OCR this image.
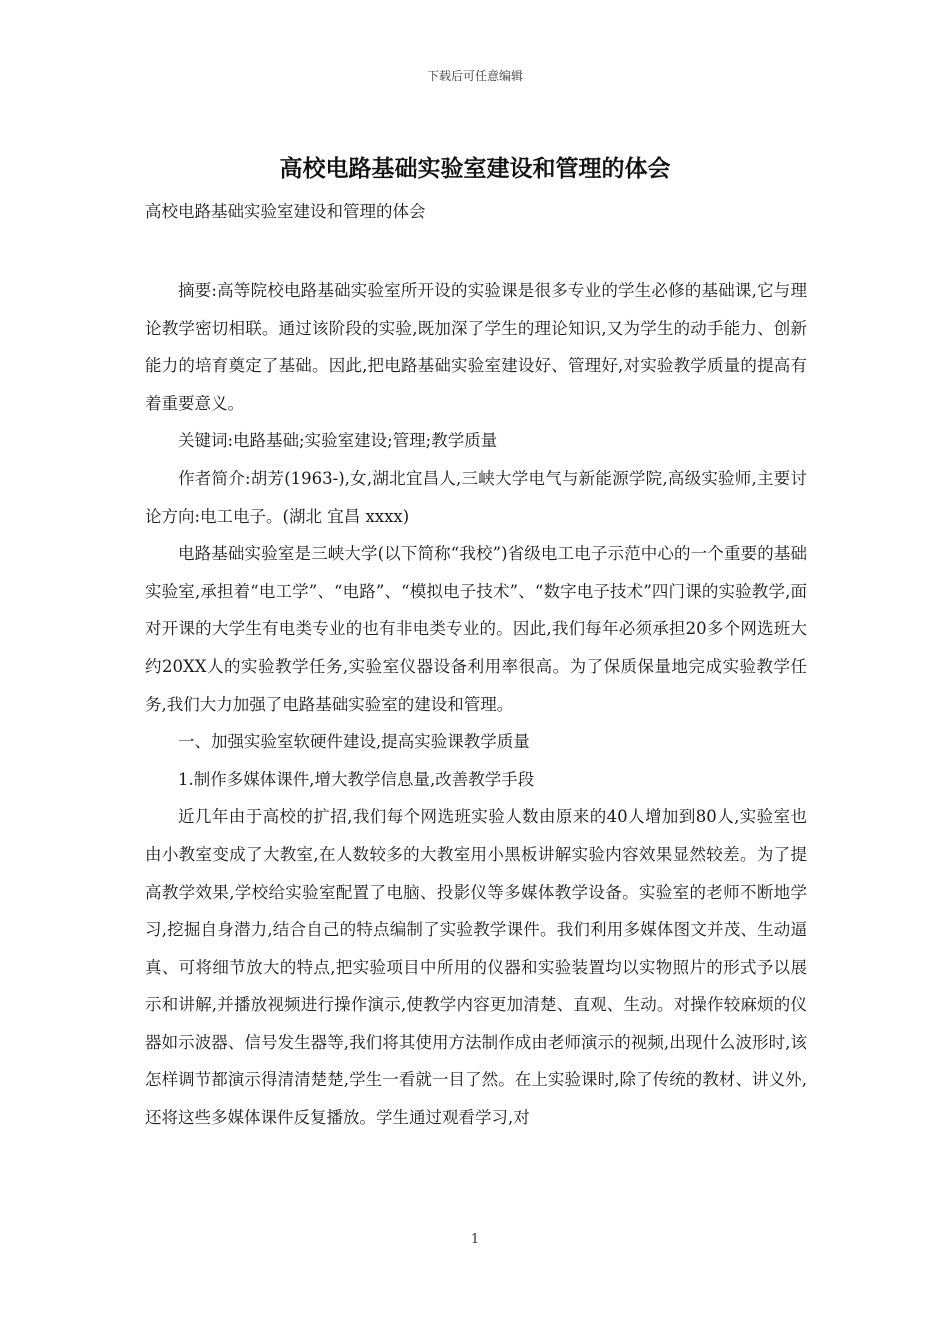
下载后可任意编辑
高校电路基础实验室建设和管理的体会

高校电路基础实验室建设和管理的体会

摘要:高等院校电路基础实验室所开设的实验课是很多专业的学生必修的基础课,它与理论教学密切相联。通过该阶段的实验,既加深了学生的理论知识,又为学生的动手能力、创新能力的培育奠定了基础。因此,把电路基础实验室建设好、管理好,对实验教学质量的提高有着重要意义。

关键词:电路基础;实验室建设;管理;教学质量

作者简介:胡芳(1963-),女,湖北宜昌人,三峡大学电气与新能源学院,高级实验师,主要讨论方向:电工电子。(湖北 宜昌 xxxx)

电路基础实验室是三峡大学(以下简称“我校”)省级电工电子示范中心的一个重要的基础实验室,承担着“电工学”、“电路”、“模拟电子技术”、“数字电子技术”四门课的实验教学,面对开课的大学生有电类专业的也有非电类专业的。因此,我们每年必须承担20多个网选班大约20XX人的实验教学任务,实验室仪器设备利用率很高。为了保质保量地完成实验教学任务,我们大力加强了电路基础实验室的建设和管理。

一、加强实验室软硬件建设,提高实验课教学质量

1.制作多媒体课件,增大教学信息量,改善教学手段

近几年由于高校的扩招,我们每个网选班实验人数由原来的40人增加到80人,实验室也由小教室变成了大教室,在人数较多的大教室用小黑板讲解实验内容效果显然较差。为了提高教学效果,学校给实验室配置了电脑、投影仪等多媒体教学设备。实验室的老师不断地学习,挖掘自身潜力,结合自己的特点编制了实验教学课件。我们利用多媒体图文并茂、生动逼真、可将细节放大的特点,把实验项目中所用的仪器和实验装置均以实物照片的形式予以展示和讲解,并播放视频进行操作演示,使教学内容更加清楚、直观、生动。对操作较麻烦的仪器如示波器、信号发生器等,我们将其使用方法制作成由老师演示的视频,出现什么波形时,该怎样调节都演示得清清楚楚,学生一看就一目了然。在上实验课时,除了传统的教材、讲义外,还将这些多媒体课件反复播放。学生通过观看学习,对

1
